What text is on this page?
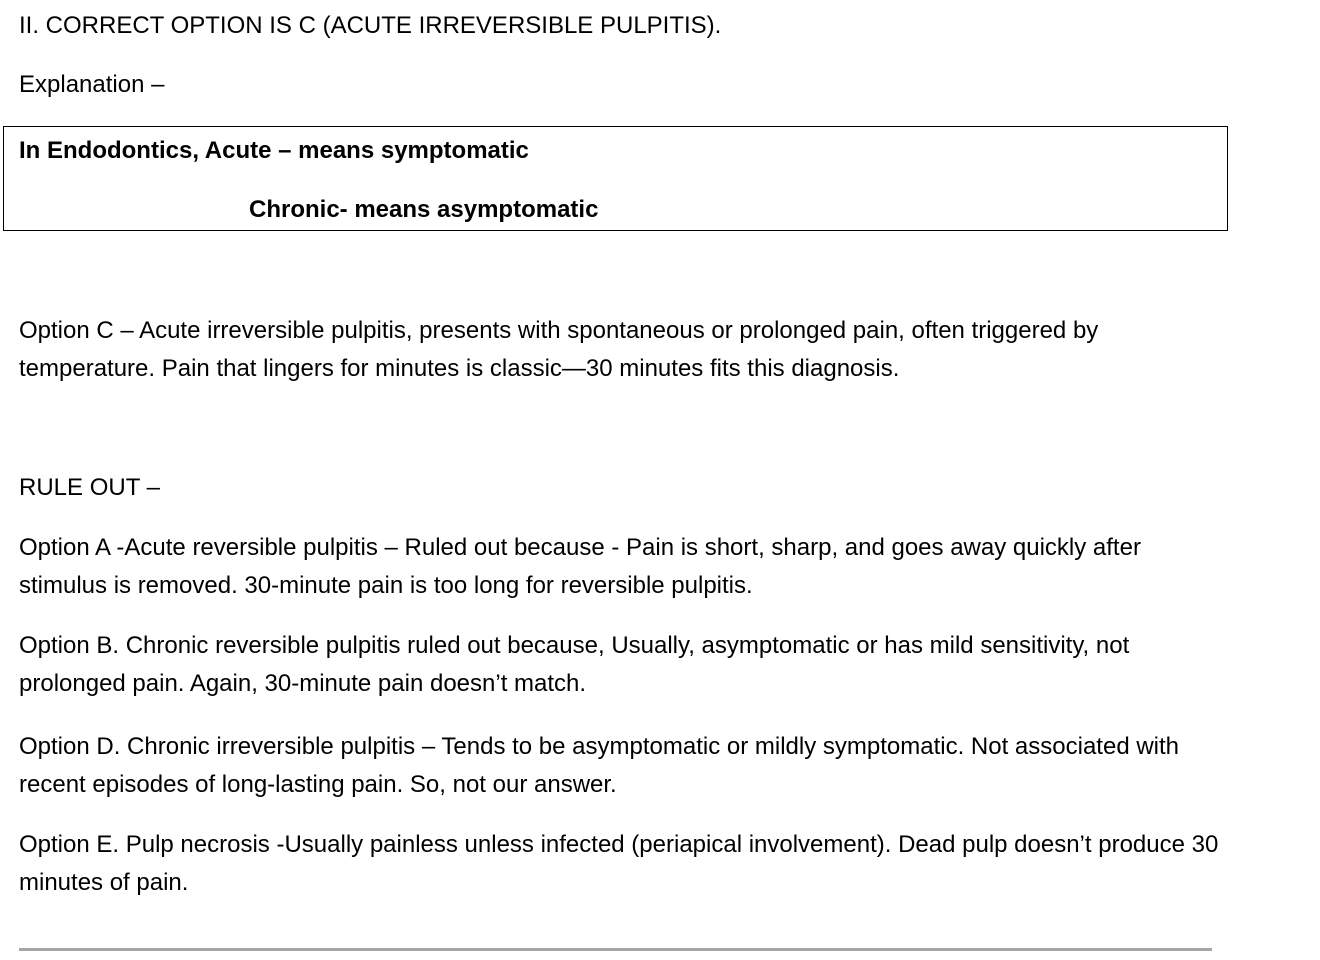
II. CORRECT OPTION IS C (ACUTE IRREVERSIBLE PULPITIS).
Explanation –
In Endodontics, Acute – means symptomatic
Chronic- means asymptomatic
Option C – Acute irreversible pulpitis, presents with spontaneous or prolonged pain, often triggered by temperature. Pain that lingers for minutes is classic—30 minutes fits this diagnosis.
RULE OUT –
Option A -Acute reversible pulpitis – Ruled out because - Pain is short, sharp, and goes away quickly after stimulus is removed. 30-minute pain is too long for reversible pulpitis.
Option B. Chronic reversible pulpitis ruled out because, Usually, asymptomatic or has mild sensitivity, not prolonged pain. Again, 30-minute pain doesn’t match.
Option D. Chronic irreversible pulpitis – Tends to be asymptomatic or mildly symptomatic. Not associated with recent episodes of long-lasting pain. So, not our answer.
Option E. Pulp necrosis -Usually painless unless infected (periapical involvement). Dead pulp doesn’t produce 30 minutes of pain.
